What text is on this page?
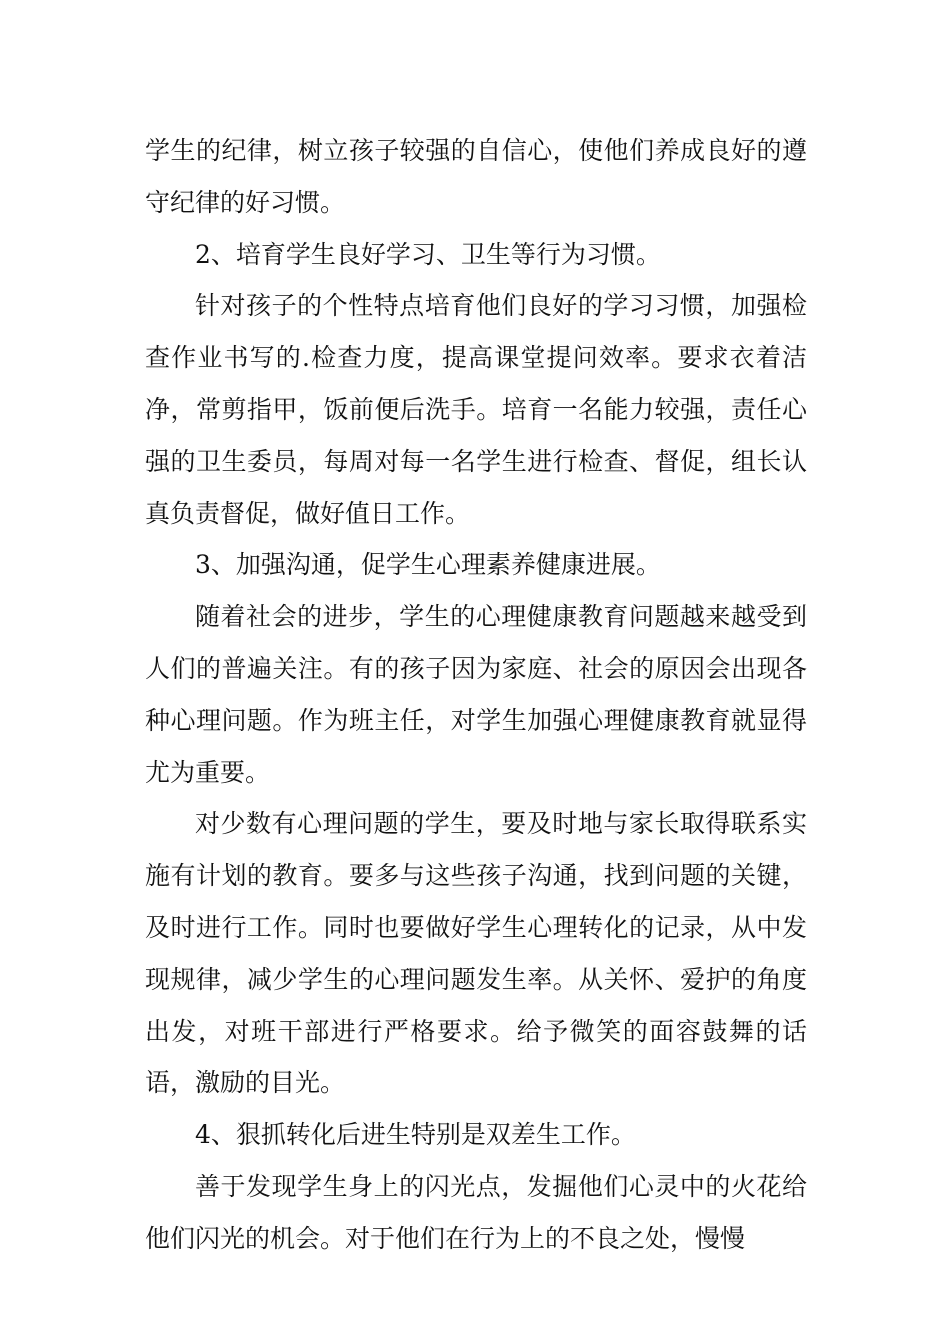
学生的纪律，树立孩子较强的自信心，使他们养成良好的遵守纪律的好习惯。

2、培育学生良好学习、卫生等行为习惯。

针对孩子的个性特点培育他们良好的学习习惯，加强检查作业书写的.检查力度，提高课堂提问效率。要求衣着洁净，常剪指甲，饭前便后洗手。培育一名能力较强，责任心强的卫生委员，每周对每一名学生进行检查、督促，组长认真负责督促，做好值日工作。

3、加强沟通，促学生心理素养健康进展。

随着社会的进步，学生的心理健康教育问题越来越受到人们的普遍关注。有的孩子因为家庭、社会的原因会出现各种心理问题。作为班主任，对学生加强心理健康教育就显得尤为重要。

对少数有心理问题的学生，要及时地与家长取得联系实施有计划的教育。要多与这些孩子沟通，找到问题的关键，及时进行工作。同时也要做好学生心理转化的记录，从中发现规律，减少学生的心理问题发生率。从关怀、爱护的角度出发，对班干部进行严格要求。给予微笑的面容鼓舞的话语，激励的目光。

4、狠抓转化后进生特别是双差生工作。

善于发现学生身上的闪光点，发掘他们心灵中的火花给他们闪光的机会。对于他们在行为上的不良之处，慢慢
